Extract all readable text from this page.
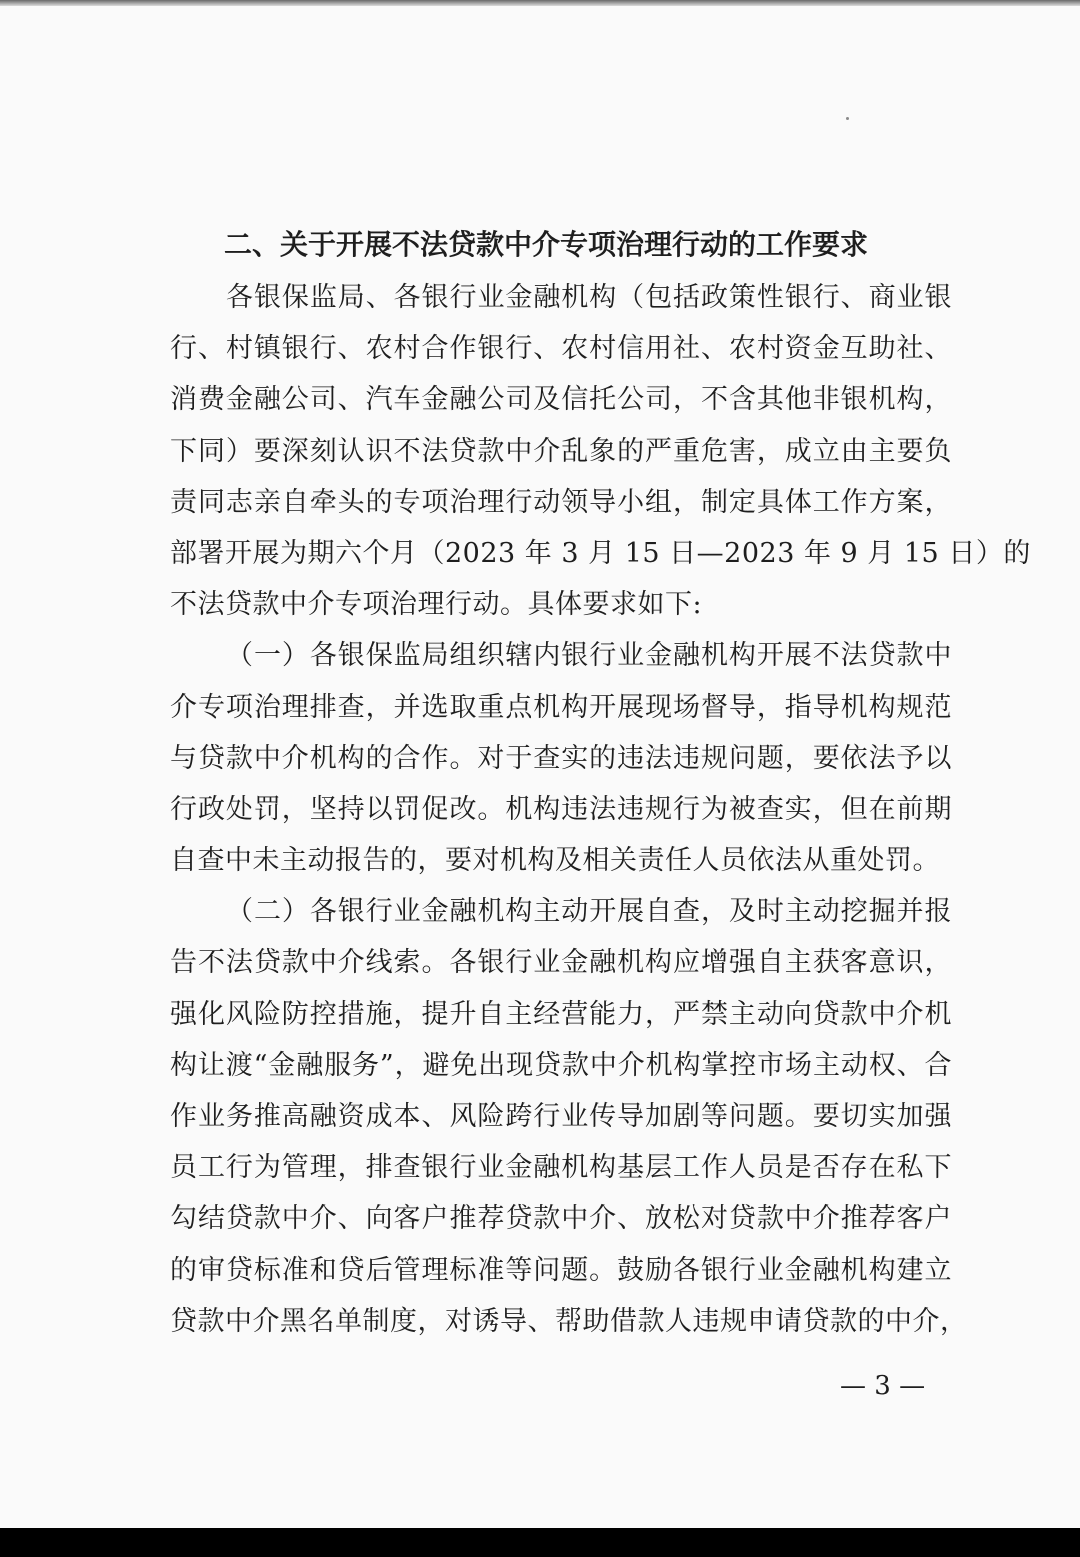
二、关于开展不法贷款中介专项治理行动的工作要求
各银保监局、各银行业金融机构（包括政策性银行、商业银
行、村镇银行、农村合作银行、农村信用社、农村资金互助社、
消费金融公司、汽车金融公司及信托公司，不含其他非银机构，
下同）要深刻认识不法贷款中介乱象的严重危害，成立由主要负
责同志亲自牵头的专项治理行动领导小组，制定具体工作方案，
部署开展为期六个月（2023 年 3 月 15 日—2023 年 9 月 15 日）的
不法贷款中介专项治理行动。具体要求如下:
（一）各银保监局组织辖内银行业金融机构开展不法贷款中
介专项治理排查，并选取重点机构开展现场督导，指导机构规范
与贷款中介机构的合作。对于查实的违法违规问题，要依法予以
行政处罚，坚持以罚促改。机构违法违规行为被查实，但在前期
自查中未主动报告的，要对机构及相关责任人员依法从重处罚。
（二）各银行业金融机构主动开展自查，及时主动挖掘并报
告不法贷款中介线索。各银行业金融机构应增强自主获客意识，
强化风险防控措施，提升自主经营能力，严禁主动向贷款中介机
构让渡“金融服务”，避免出现贷款中介机构掌控市场主动权、合
作业务推高融资成本、风险跨行业传导加剧等问题。要切实加强
员工行为管理，排查银行业金融机构基层工作人员是否存在私下
勾结贷款中介、向客户推荐贷款中介、放松对贷款中介推荐客户
的审贷标准和贷后管理标准等问题。鼓励各银行业金融机构建立
贷款中介黑名单制度，对诱导、帮助借款人违规申请贷款的中介，
— 3 —
